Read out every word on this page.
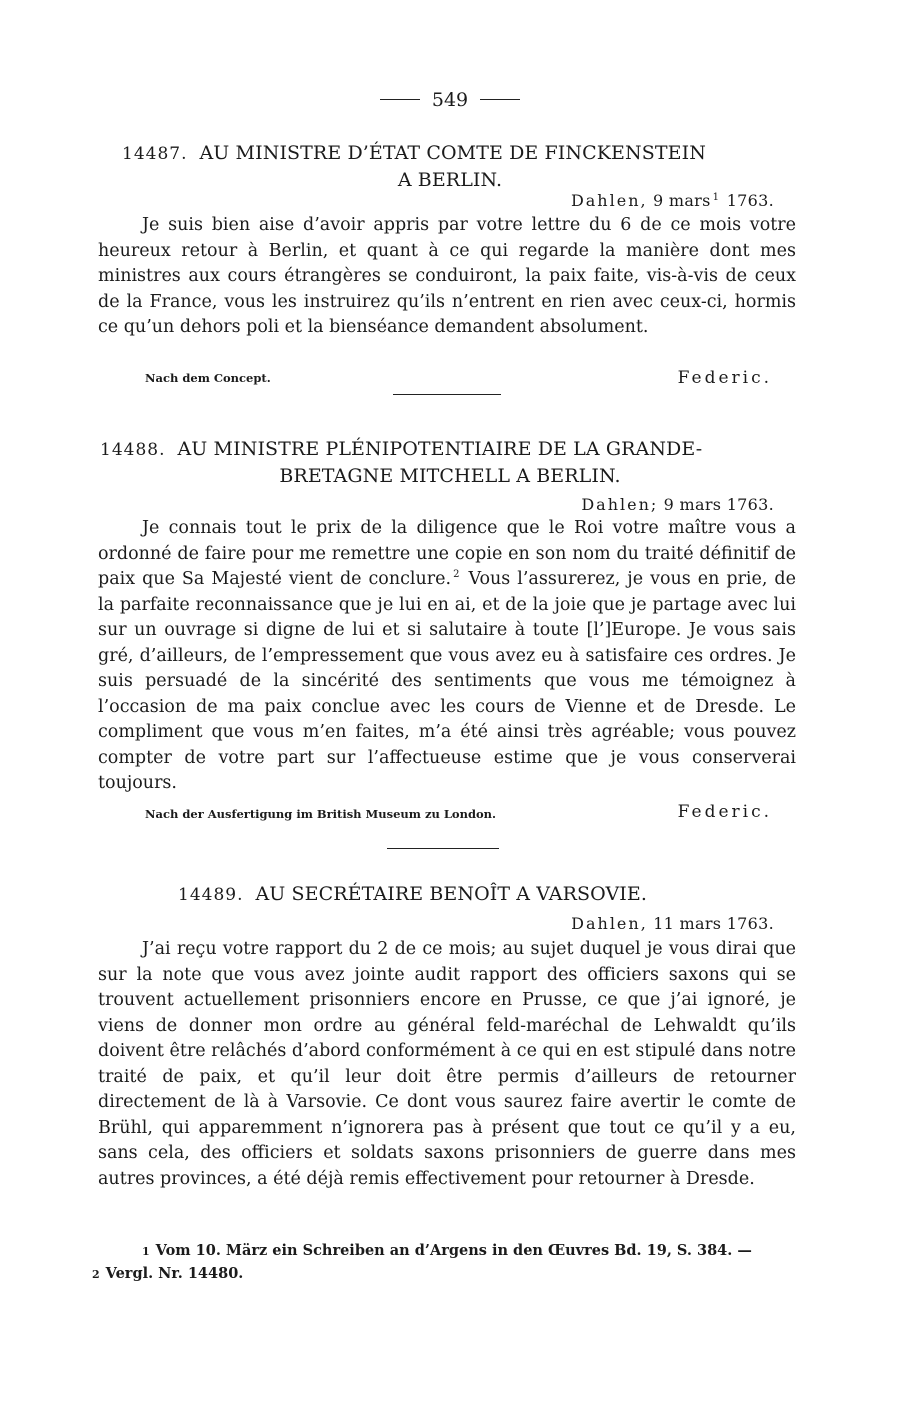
549
14487. AU MINISTRE D’ÉTAT COMTE DE FINCKENSTEIN
A BERLIN.
Dahlen, 9 mars $^1$ 1763.

Je suis bien aise d’avoir appris par votre lettre du 6 de ce mois votre heureux retour à Berlin, et quant à ce qui regarde la manière dont mes ministres aux cours étrangères se conduiront, la paix faite, vis-à-vis de ceux de la France, vous les instruirez qu’ils n’entrent en rien avec ceux-ci, hormis ce qu’un dehors poli et la bienséance demandent absolument.

Nach dem Concept.	Federic.
14488. AU MINISTRE PLÉNIPOTENTIAIRE DE LA GRANDE-
BRETAGNE MITCHELL A BERLIN.
Dahlen; 9 mars 1763.

Je connais tout le prix de la diligence que le Roi votre maître vous a ordonné de faire pour me remettre une copie en son nom du traité définitif de paix que Sa Majesté vient de conclure. $^2$ Vous l’assurerez, je vous en prie, de la parfaite reconnaissance que je lui en ai, et de la joie que je partage avec lui sur un ouvrage si digne de lui et si salutaire à toute [l’]Europe. Je vous sais gré, d’ailleurs, de l’empressement que vous avez eu à satisfaire ces ordres. Je suis persuadé de la sincérité des sentiments que vous me témoignez à l’occasion de ma paix conclue avec les cours de Vienne et de Dresde. Le compliment que vous m’en faites, m’a été ainsi très agréable; vous pouvez compter de votre part sur l’affectueuse estime que je vous conserverai toujours.

Nach der Ausfertigung im British Museum zu London.	Federic.
14489. AU SECRÉTAIRE BENOÎT A VARSOVIE.
Dahlen, 11 mars 1763.

J’ai reçu votre rapport du 2 de ce mois; au sujet duquel je vous dirai que sur la note que vous avez jointe audit rapport des officiers saxons qui se trouvent actuellement prisonniers encore en Prusse, ce que j’ai ignoré, je viens de donner mon ordre au général feld-maréchal de Lehwaldt qu’ils doivent être relâchés d’abord conformément à ce qui en est stipulé dans notre traité de paix, et qu’il leur doit être permis d’ailleurs de retourner directement de là à Varsovie. Ce dont vous saurez faire avertir le comte de Brühl, qui apparemment n’ignorera pas à présent que tout ce qu’il y a eu, sans cela, des officiers et soldats saxons prisonniers de guerre dans mes autres provinces, a été déjà remis effectivement pour retourner à Dresde.

1 Vom 10. März ein Schreiben an d’Argens in den Œuvres Bd. 19, S. 384. —
2 Vergl. Nr. 14480.
